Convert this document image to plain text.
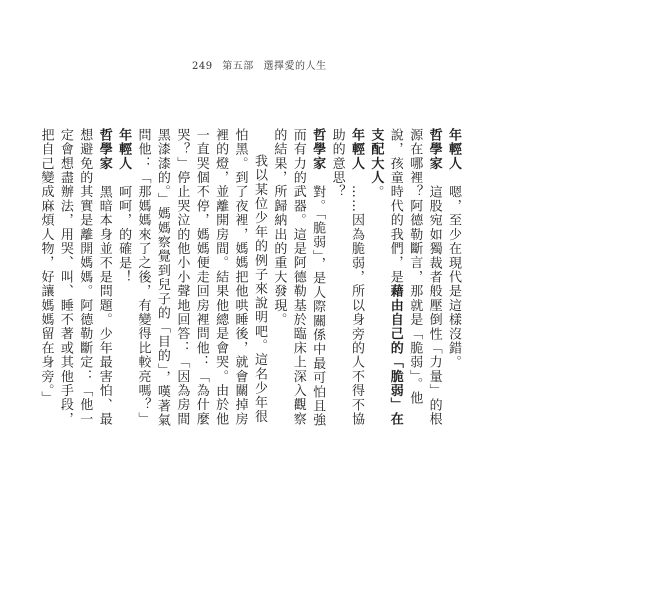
249 第五部 選擇愛的人生

年輕人　嗯，至少在現代是這樣沒錯。

哲學家　這股宛如獨裁者般壓倒性「力量」的根源在哪裡？阿德勒斷言，那就是「脆弱」。他說，孩童時代的我們，是藉由自己的「脆弱」在支配大人。

年輕人　……因為脆弱，所以身旁的人不得不協助的意思？

哲學家　對。「脆弱」，是人際關係中最可怕且強而有力的武器。這是阿德勒基於臨床上深入觀察的結果，所歸納出的重大發現。

我以某位少年的例子來說明吧。這名少年很怕黑。到了夜裡，媽媽把他哄睡後，就會關掉房裡的燈，並離開房間。結果他總是會哭。由於他一直哭個不停，媽媽便走回房裡問他：「為什麼哭？」停止哭泣的他小小聲地回答：「因為房間黑漆漆的。」媽媽察覺到兒子的「目的」，嘆著氣問他：「那媽媽來了之後，有變得比較亮嗎？」

年輕人　呵呵，的確是！

哲學家　黑暗本身並不是問題。少年最害怕、最想避免的其實是離開媽媽。阿德勒斷定：「他一定會想盡辦法，用哭、叫、睡不著或其他手段，把自己變成麻煩人物，好讓媽媽留在身旁。」
